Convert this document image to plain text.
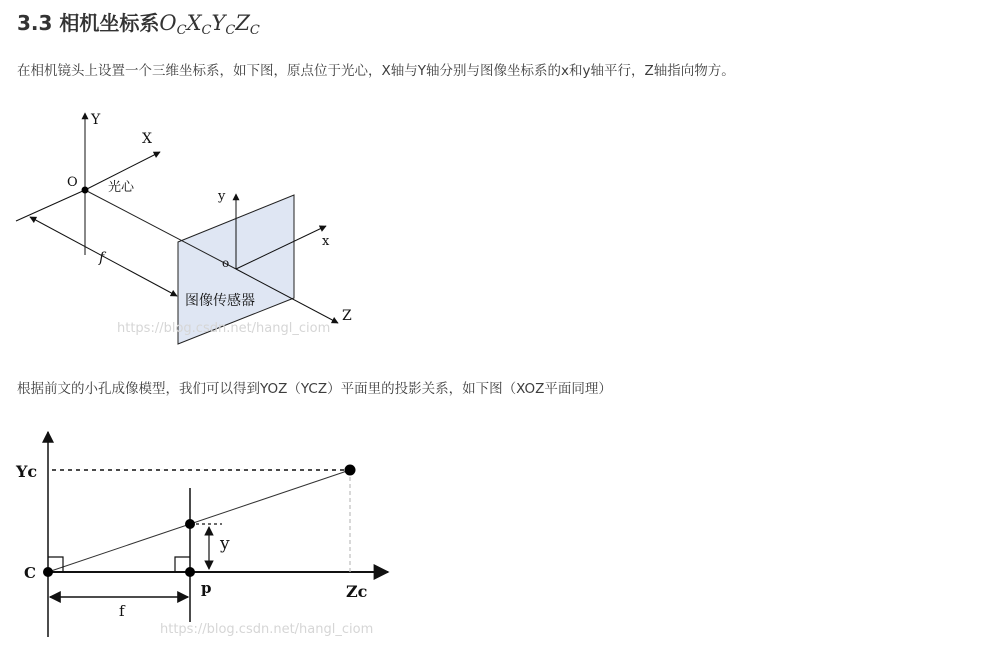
3.3 相机坐标系$O_CX_CY_CZ_C$

在相机镜头上设置一个三维坐标系，如下图，原点位于光心，X轴与Y轴分别与图像坐标系的x和y轴平行，Z轴指向物方。

Y
X
O 光心
y
x
o
f
Z
图像传感器
https://blog.csdn.net/hangl_ciom

根据前文的小孔成像模型，我们可以得到YOZ（YCZ）平面里的投影关系，如下图（XOZ平面同理）

Yc
C
y
p
f
Zc
https://blog.csdn.net/hangl_ciom
